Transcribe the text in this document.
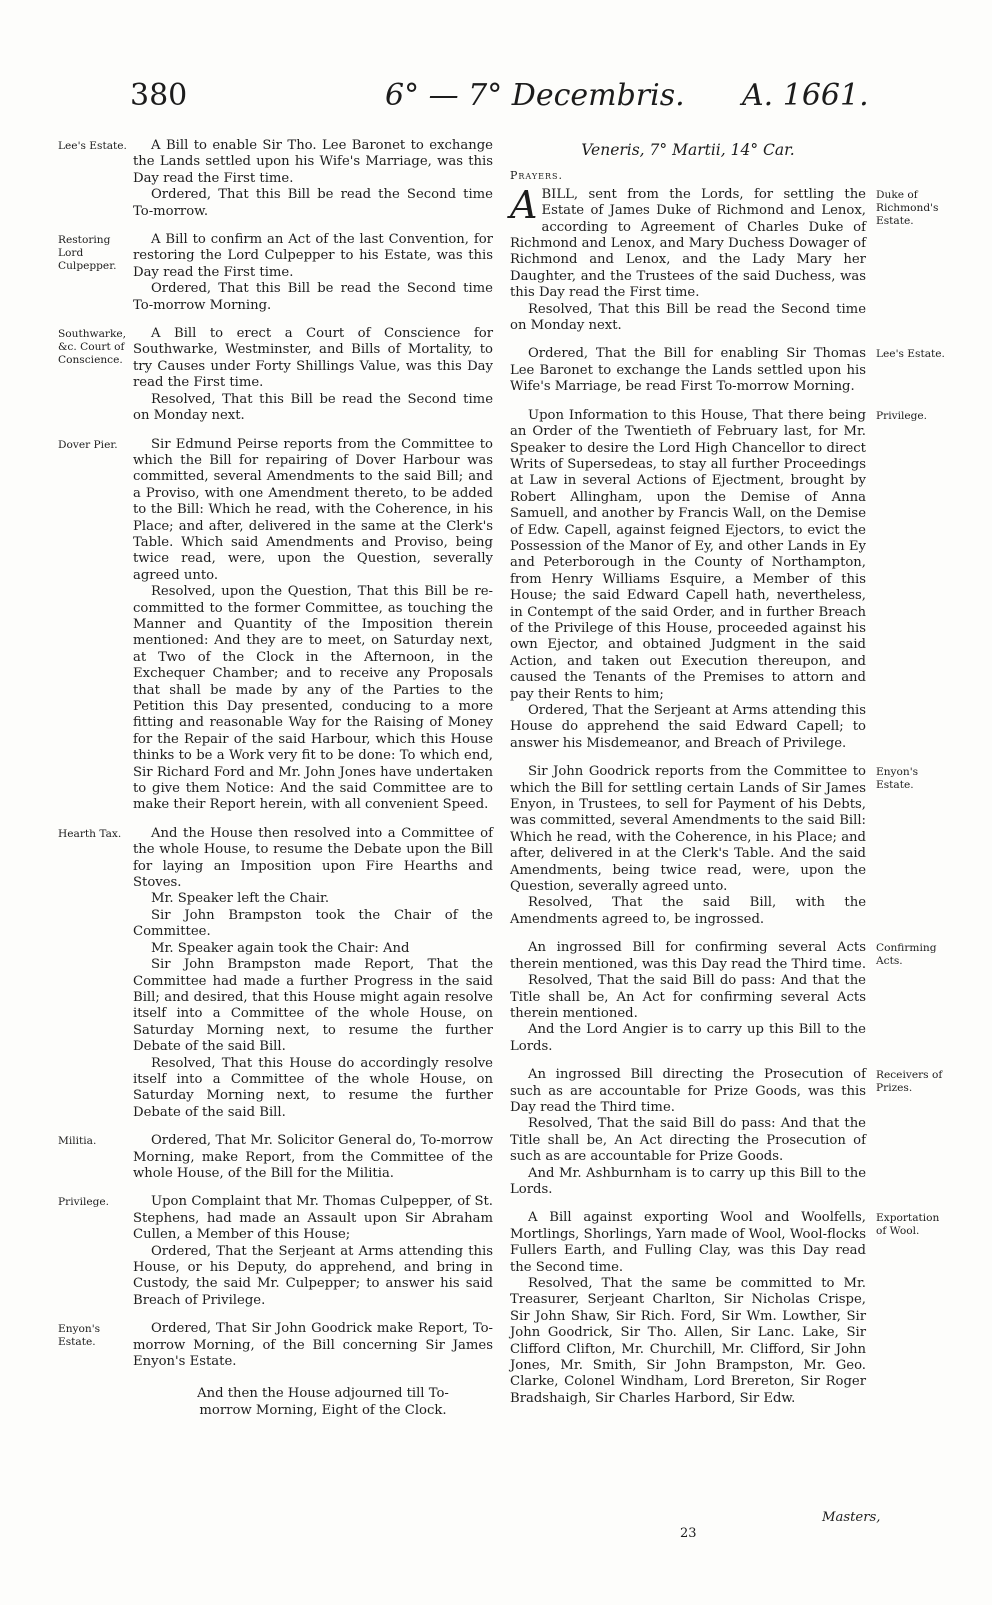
380	6° — 7° Decembris. A. 1661.
Lee's Estate.	A Bill to enable Sir Tho. Lee Baronet to exchange the Lands settled upon his Wife's Marriage, was this Day read the First time.

Ordered, That this Bill be read the Second time To-morrow.

Restoring Lord Culpepper.

A Bill to confirm an Act of the last Convention, for restoring the Lord Culpepper to his Estate, was this Day read the First time.

Ordered, That this Bill be read the Second time To-morrow Morning.

Southwarke, &c. Court of Conscience.

A Bill to erect a Court of Conscience for Southwarke, Westminster, and Bills of Mortality, to try Causes under Forty Shillings Value, was this Day read the First time.

Resolved, That this Bill be read the Second time on Monday next.

Dover Pier.	Sir Edmund Peirse reports from the Committee to which the Bill for repairing of Dover Harbour was committed, several Amendments to the said Bill; and a Proviso, with one Amendment thereto, to be added to the Bill: Which he read, with the Coherence, in his Place; and after, delivered in the same at the Clerk's Table. Which said Amendments and Proviso, being twice read, were, upon the Question, severally agreed unto.

Resolved, upon the Question, That this Bill be re-committed to the former Committee, as touching the Manner and Quantity of the Imposition therein mentioned: And they are to meet, on Saturday next, at Two of the Clock in the Afternoon, in the Exchequer Chamber; and to receive any Proposals that shall be made by any of the Parties to the Petition this Day presented, conducing to a more fitting and reasonable Way for the Raising of Money for the Repair of the said Harbour, which this House thinks to be a Work very fit to be done: To which end, Sir Richard Ford and Mr. John Jones have undertaken to give them Notice: And the said Committee are to make their Report herein, with all convenient Speed.

Hearth Tax.	And the House then resolved into a Committee of the whole House, to resume the Debate upon the Bill for laying an Imposition upon Fire Hearths and Stoves.

Mr. Speaker left the Chair.

Sir John Brampston took the Chair of the Committee.

Mr. Speaker again took the Chair: And

Sir John Brampston made Report, That the Committee had made a further Progress in the said Bill; and desired, that this House might again resolve itself into a Committee of the whole House, on Saturday Morning next, to resume the further Debate of the said Bill.

Resolved, That this House do accordingly resolve itself into a Committee of the whole House, on Saturday Morning next, to resume the further Debate of the said Bill.

Militia.	Ordered, That Mr. Solicitor General do, To-morrow Morning, make Report, from the Committee of the whole House, of the Bill for the Militia.

Privilege.	Upon Complaint that Mr. Thomas Culpepper, of St. Stephens, had made an Assault upon Sir Abraham Cullen, a Member of this House;

Ordered, That the Serjeant at Arms attending this House, or his Deputy, do apprehend, and bring in Custody, the said Mr. Culpepper; to answer his said Breach of Privilege.

Enyon's Estate.

Ordered, That Sir John Goodrick make Report, To-morrow Morning, of the Bill concerning Sir James Enyon's Estate.

And then the House adjourned till To-morrow Morning, Eight of the Clock.
Veneris, 7° Martii, 14° Car.
Prayers.
Duke of Richmond's Estate.

ABILL, sent from the Lords, for settling the Estate of James Duke of Richmond and Lenox, according to Agreement of Charles Duke of Richmond and Lenox, and Mary Duchess Dowager of Richmond and Lenox, and the Lady Mary her Daughter, and the Trustees of the said Duchess, was this Day read the First time.

Resolved, That this Bill be read the Second time on Monday next.

Lee's Estate.

Ordered, That the Bill for enabling Sir Thomas Lee Baronet to exchange the Lands settled upon his Wife's Marriage, be read First To-morrow Morning.

Privilege.

Upon Information to this House, That there being an Order of the Twentieth of February last, for Mr. Speaker to desire the Lord High Chancellor to direct Writs of Supersedeas, to stay all further Proceedings at Law in several Actions of Ejectment, brought by Robert Allingham, upon the Demise of Anna Samuell, and another by Francis Wall, on the Demise of Edw. Capell, against feigned Ejectors, to evict the Possession of the Manor of Ey, and other Lands in Ey and Peterborough in the County of Northampton, from Henry Williams Esquire, a Member of this House; the said Edward Capell hath, nevertheless, in Contempt of the said Order, and in further Breach of the Privilege of this House, proceeded against his own Ejector, and obtained Judgment in the said Action, and taken out Execution thereupon, and caused the Tenants of the Premises to attorn and pay their Rents to him;

Ordered, That the Serjeant at Arms attending this House do apprehend the said Edward Capell; to answer his Misdemeanor, and Breach of Privilege.

Enyon's Estate.

Sir John Goodrick reports from the Committee to which the Bill for settling certain Lands of Sir James Enyon, in Trustees, to sell for Payment of his Debts, was committed, several Amendments to the said Bill: Which he read, with the Coherence, in his Place; and after, delivered in at the Clerk's Table. And the said Amendments, being twice read, were, upon the Question, severally agreed unto.

Resolved, That the said Bill, with the Amendments agreed to, be ingrossed.

Confirming Acts.

An ingrossed Bill for confirming several Acts therein mentioned, was this Day read the Third time.

Resolved, That the said Bill do pass: And that the Title shall be, An Act for confirming several Acts therein mentioned.

And the Lord Angier is to carry up this Bill to the Lords.

Receivers of Prizes.

An ingrossed Bill directing the Prosecution of such as are accountable for Prize Goods, was this Day read the Third time.

Resolved, That the said Bill do pass: And that the Title shall be, An Act directing the Prosecution of such as are accountable for Prize Goods.

And Mr. Ashburnham is to carry up this Bill to the Lords.

Exportation of Wool.

A Bill against exporting Wool and Woolfells, Mortlings, Shorlings, Yarn made of Wool, Wool-flocks Fullers Earth, and Fulling Clay, was this Day read the Second time.

Resolved, That the same be committed to Mr. Treasurer, Serjeant Charlton, Sir Nicholas Crispe, Sir John Shaw, Sir Rich. Ford, Sir Wm. Lowther, Sir John Goodrick, Sir Tho. Allen, Sir Lanc. Lake, Sir Clifford Clifton, Mr. Churchill, Mr. Clifford, Sir John Jones, Mr. Smith, Sir John Brampston, Mr. Geo. Clarke, Colonel Windham, Lord Brereton, Sir Roger Bradshaigh, Sir Charles Harbord, Sir Edw.

23
Masters,
